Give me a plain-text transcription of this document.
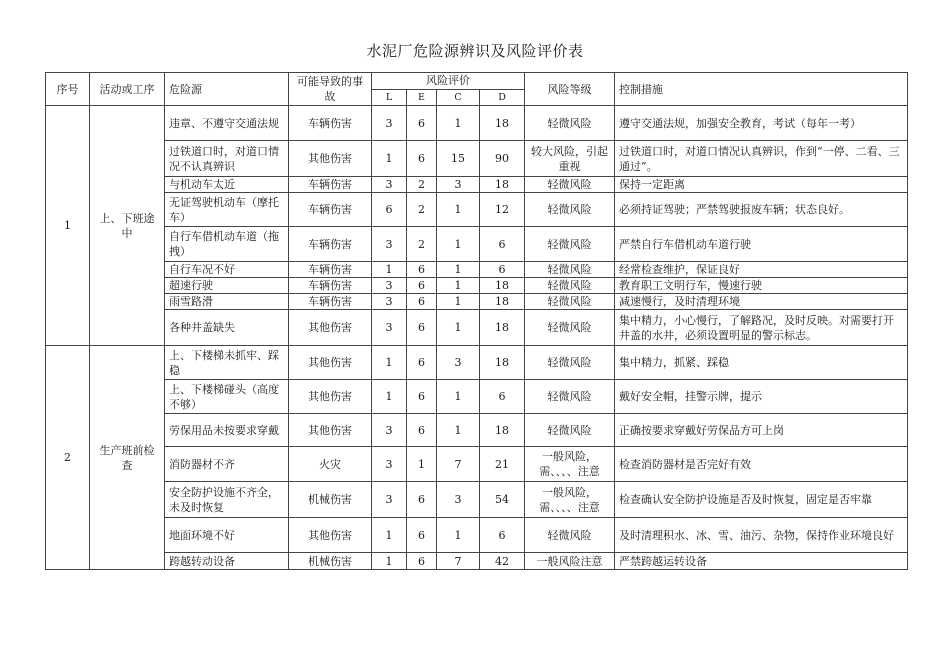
水泥厂危险源辨识及风险评价表
序号	活动或工序	危险源	可能导致的事故	风险评价				风险等级	控制措施
				L	E	C	D		
1	上、下班途中	违章、不遵守交通法规	车辆伤害	3	6	1	18	轻微风险	遵守交通法规，加强安全教育，考试（每年一考）
		过铁道口时，对道口情况不认真辨识	其他伤害	1	6	15	90	较大风险，引起重视	过铁道口时，对道口情况认真辨识，作到“一停、二看、三通过”。
		与机动车太近	车辆伤害	3	2	3	18	轻微风险	保持一定距离
		无证驾驶机动车（摩托车）	车辆伤害	6	2	1	12	轻微风险	必须持证驾驶；严禁驾驶报废车辆；状态良好。
		自行车借机动车道（拖拽）	车辆伤害	3	2	1	6	轻微风险	严禁自行车借机动车道行驶
		自行车况不好	车辆伤害	1	6	1	6	轻微风险	经常检查维护，保证良好
		超速行驶	车辆伤害	3	6	1	18	轻微风险	教育职工文明行车，慢速行驶
		雨雪路滑	车辆伤害	3	6	1	18	轻微风险	减速慢行，及时清理环境
		各种井盖缺失	其他伤害	3	6	1	18	轻微风险	集中精力，小心慢行，了解路况，及时反映。对需要打开井盖的水井，必须设置明显的警示标志。
2	生产班前检查	上、下楼梯未抓牢、踩稳	其他伤害	1	6	3	18	轻微风险	集中精力，抓紧、踩稳
		上、下楼梯碰头（高度不够）	其他伤害	1	6	1	6	轻微风险	戴好安全帽，挂警示牌，提示
		劳保用品未按要求穿戴	其他伤害	3	6	1	18	轻微风险	正确按要求穿戴好劳保品方可上岗
		消防器材不齐	火灾	3	1	7	21	一般风险，需、、、、注意	检查消防器材是否完好有效
		安全防护设施不齐全，未及时恢复	机械伤害	3	6	3	54	一般风险，需、、、、注意	检查确认安全防护设施是否及时恢复，固定是否牢靠
		地面环境不好	其他伤害	1	6	1	6	轻微风险	及时清理积水、冰、雪、油污、杂物，保持作业环境良好
		跨越转动设备	机械伤害	1	6	7	42	一般风险注意	严禁跨越运转设备
